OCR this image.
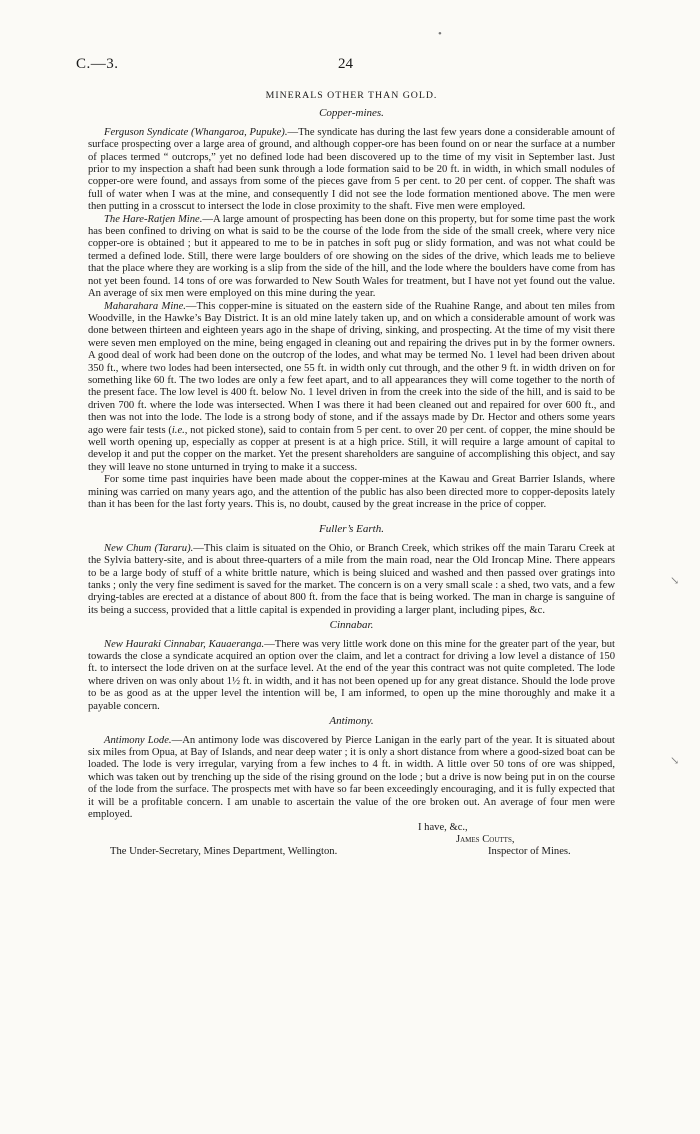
C.—3.	24
•
↘
↘
MINERALS OTHER THAN GOLD.
Copper-mines.

Ferguson Syndicate (Whangaroa, Pupuke).—The syndicate has during the last few years done a considerable amount of surface prospecting over a large area of ground, and although copper-ore has been found on or near the surface at a number of places termed “ outcrops,” yet no defined lode had been discovered up to the time of my visit in September last. Just prior to my inspection a shaft had been sunk through a lode formation said to be 20 ft. in width, in which small nodules of copper-ore were found, and assays from some of the pieces gave from 5 per cent. to 20 per cent. of copper. The shaft was full of water when I was at the mine, and consequently I did not see the lode formation mentioned above. The men were then putting in a crosscut to intersect the lode in close proximity to the shaft. Five men were employed.

The Hare-Ratjen Mine.—A large amount of prospecting has been done on this property, but for some time past the work has been confined to driving on what is said to be the course of the lode from the side of the small creek, where very nice copper-ore is obtained ; but it appeared to me to be in patches in soft pug or slidy formation, and was not what could be termed a defined lode. Still, there were large boulders of ore showing on the sides of the drive, which leads me to believe that the place where they are working is a slip from the side of the hill, and the lode where the boulders have come from has not yet been found. 14 tons of ore was forwarded to New South Wales for treatment, but I have not yet found out the value. An average of six men were employed on this mine during the year.

Maharahara Mine.—This copper-mine is situated on the eastern side of the Ruahine Range, and about ten miles from Woodville, in the Hawke’s Bay District. It is an old mine lately taken up, and on which a considerable amount of work was done between thirteen and eighteen years ago in the shape of driving, sinking, and prospecting. At the time of my visit there were seven men employed on the mine, being engaged in cleaning out and repairing the drives put in by the former owners. A good deal of work had been done on the outcrop of the lodes, and what may be termed No. 1 level had been driven about 350 ft., where two lodes had been intersected, one 55 ft. in width only cut through, and the other 9 ft. in width driven on for something like 60 ft. The two lodes are only a few feet apart, and to all appearances they will come together to the north of the present face. The low level is 400 ft. below No. 1 level driven in from the creek into the side of the hill, and is said to be driven 700 ft. where the lode was intersected. When I was there it had been cleaned out and repaired for over 600 ft., and then was not into the lode. The lode is a strong body of stone, and if the assays made by Dr. Hector and others some years ago were fair tests (i.e., not picked stone), said to contain from 5 per cent. to over 20 per cent. of copper, the mine should be well worth opening up, especially as copper at present is at a high price. Still, it will require a large amount of capital to develop it and put the copper on the market. Yet the present shareholders are sanguine of accomplishing this object, and say they will leave no stone unturned in trying to make it a success.

For some time past inquiries have been made about the copper-mines at the Kawau and Great Barrier Islands, where mining was carried on many years ago, and the attention of the public has also been directed more to copper-deposits lately than it has been for the last forty years. This is, no doubt, caused by the great increase in the price of copper.

Fuller’s Earth.

New Chum (Tararu).—This claim is situated on the Ohio, or Branch Creek, which strikes off the main Tararu Creek at the Sylvia battery-site, and is about three-quarters of a mile from the main road, near the Old Ironcap Mine. There appears to be a large body of stuff of a white brittle nature, which is being sluiced and washed and then passed over gratings into tanks ; only the very fine sediment is saved for the market. The concern is on a very small scale : a shed, two vats, and a few drying-tables are erected at a distance of about 800 ft. from the face that is being worked. The man in charge is sanguine of its being a success, provided that a little capital is expended in providing a larger plant, including pipes, &c.

Cinnabar.

New Hauraki Cinnabar, Kauaeranga.—There was very little work done on this mine for the greater part of the year, but towards the close a syndicate acquired an option over the claim, and let a contract for driving a low level a distance of 150 ft. to intersect the lode driven on at the surface level. At the end of the year this contract was not quite completed. The lode where driven on was only about 1½ ft. in width, and it has not been opened up for any great distance. Should the lode prove to be as good as at the upper level the intention will be, I am informed, to open up the mine thoroughly and make it a payable concern.

Antimony.

Antimony Lode.—An antimony lode was discovered by Pierce Lanigan in the early part of the year. It is situated about six miles from Opua, at Bay of Islands, and near deep water ; it is only a short distance from where a good-sized boat can be loaded. The lode is very irregular, varying from a few inches to 4 ft. in width. A little over 50 tons of ore was shipped, which was taken out by trenching up the side of the rising ground on the lode ; but a drive is now being put in on the course of the lode from the surface. The prospects met with have so far been exceedingly encouraging, and it is fully expected that it will be a profitable concern. I am unable to ascertain the value of the ore broken out. An average of four men were employed.

I have, &c.,
James Coutts,
The Under-Secretary, Mines Department, Wellington.	Inspector of Mines.
